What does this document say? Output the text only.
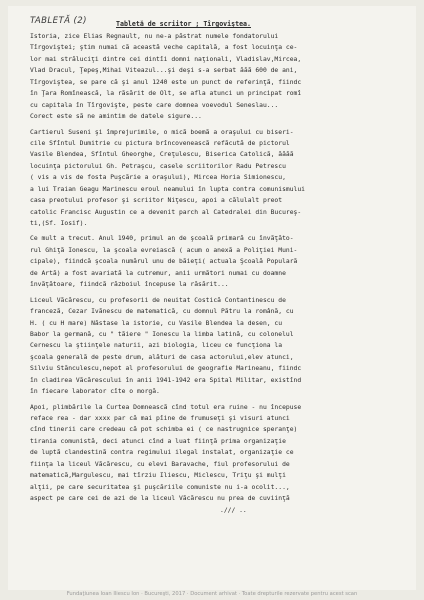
TABLETĂ (2)	Tabletă de scriitor ; Tîrgoviştea.
Istoria, zice Elias Regnault, nu ne-a păstrat numele fondatorului
Tîrgoviştei; ştim numai că această veche capitală, a fost locuinţa ce-
lor mai străluciţi dintre cei dintîi domni naţionali, Vladislav,Mircea,
Vlad Dracul, Ţepeş,Mihai Viteazul...şi deşi s-a serbat ăăă 600 de ani,
Tîrgoviştea, se pare că şi anul 1240 este un punct de referinţă, fiindc
în Ţara Romînească, la răsărit de Olt, se afla atunci un principat romî
cu capitala în Tîrgovişte, peste care domnea voevodul Seneslau...
Corect este să ne amintim de datele sigure...
Cartierul Suseni şi împrejurimile, o mică boemă a oraşului cu biseri-
cile Sfîntul Dumitrie cu pictura brîncovenească refăcută de pictorul
Vasile Blendea, Sfîntul Gheorghe, Creţulescu, Biserica Catolică, ăăăă
locuinţa pictorului Gh. Petraşcu, casele scriitorilor Radu Petrescu
( vis a vis de fosta Puşcărie a oraşului), Mircea Horia Simionescu,
a lui Traian Geagu Marinescu eroul neamului în lupta contra comunismului
casa preotului profesor şi scriitor Niţescu, apoi a călulalt preot
catolic Francisc Augustin ce a devenit parch al Catedralei din Bucureş-
ti,(Sf. Iosif).
Ce mult a trecut. Anul 1940, primul an de şcoală primară cu învăţăto-
rul Ghiţă Ionescu, la şcoala evreiască ( acum o anexă a Poliţiei Muni-
cipale), fiindcă şcoala numărul unu de băieţi( actuala Şcoală Populară
de Artă) a fost avariată la cutremur, anii următori numai cu doamne
învăţătoare, fiindcă războiul începuse la răsărit...
Liceul Văcărescu, cu profesorii de neuitat Costică Contantinescu de
franceză, Cezar Ivănescu de matematică, cu domnul Pătru la română, cu
H. ( cu H mare) Năstase la istorie, cu Vasile Blendea la desen, cu
Babor la germană, cu " tăiere " Ionescu la limba latină, cu colonelul
Cernescu la ştiinţele naturii, azi biologia, liceu ce funcţiona la
şcoala generală de peste drum, alături de casa actorului,elev atunci,
Silviu Stănculescu,nepot al profesorului de geografie Marineanu, fiindc
în cladirea Văcărescului în anii 1941-1942 era Spital Militar, existînd
în fiecare laborator cîte o morgă.
Apoi, plimbările la Curtea Domnească cînd totul era ruine - nu începuse
reface rea - dar xxxx par că mai pîine de frumuseţi şi visuri atunci
cînd tinerii care credeau că pot schimba ei ( ce nastrugnice speranţe)
tirania comunistă, deci atunci cînd a luat fiinţă prima organizaţie
de luptă clandestină contra regimului ilegal instalat, organizaţie ce
fiinţa la liceul Văcărescu, cu elevi Baravache, fiul profesorului de
matematică,Margulescu, mai tîrziu Iliescu, Miclescu, Triţu şi mulţi
alţii, pe care securitatea şi puşcăriile comuniste nu i-a ocolit...,
aspect pe care cei de azi de la liceul Văcărescu nu prea de cuviinţă
./// ..
Fundaţiunea Ioan Iliescu Ion · Bucureşti, 2017 · Document arhivat · Toate drepturile rezervate pentru acest scan
